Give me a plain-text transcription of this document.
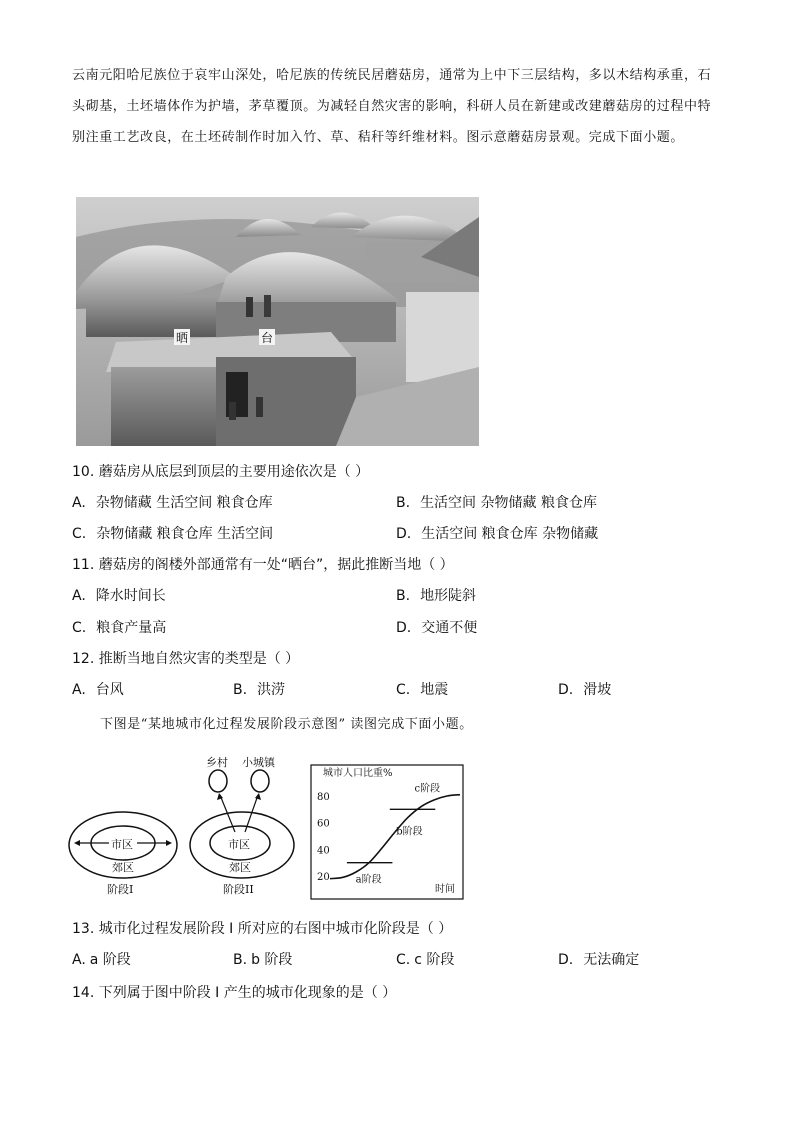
云南元阳哈尼族位于哀牢山深处，哈尼族的传统民居蘑菇房，通常为上中下三层结构，多以木结构承重，石头砌基，土坯墙体作为护墙，茅草覆顶。为减轻自然灾害的影响，科研人员在新建或改建蘑菇房的过程中特别注重工艺改良，在土坯砖制作时加入竹、草、秸秆等纤维材料。图示意蘑菇房景观。完成下面小题。
晒	台
10. 蘑菇房从底层到顶层的主要用途依次是（ ）
A. 杂物储藏 生活空间 粮食仓库	B. 生活空间 杂物储藏 粮食仓库
C. 杂物储藏 粮食仓库 生活空间	D. 生活空间 粮食仓库 杂物储藏
11. 蘑菇房的阁楼外部通常有一处“晒台”，据此推断当地（ ）
A. 降水时间长	B. 地形陡斜
C. 粮食产量高	D. 交通不便
12. 推断当地自然灾害的类型是（ ）
A. 台风	B. 洪涝	C. 地震	D. 滑坡
下图是“某地城市化过程发展阶段示意图” 读图完成下面小题。
市区
郊区
阶段I
乡村 小城镇
市区
郊区
阶段II
城市人口比重%
时间
20
40
60
80
a阶段
b阶段
c阶段
13. 城市化过程发展阶段 I 所对应的右图中城市化阶段是（ ）
A. a 阶段	B. b 阶段	C. c 阶段	D. 无法确定
14. 下列属于图中阶段 I 产生的城市化现象的是（ ）
